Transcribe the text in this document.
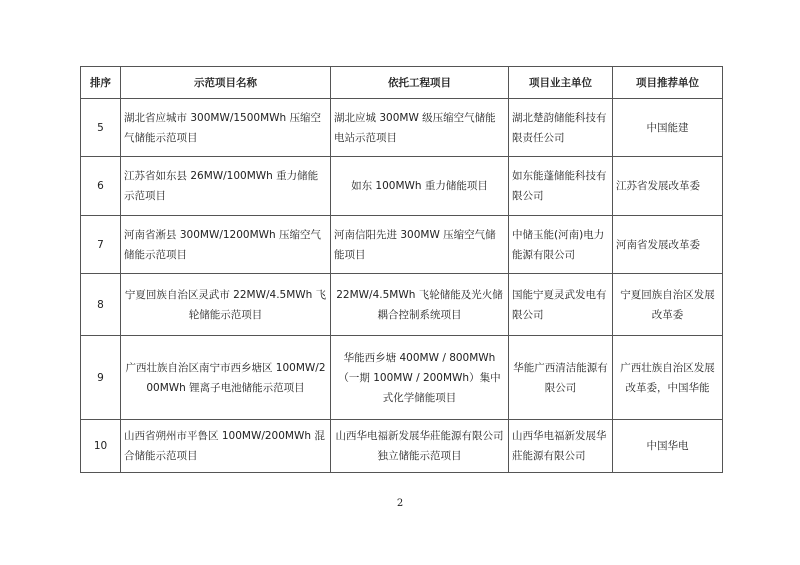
排序	示范项目名称	依托工程项目	项目业主单位	项目推荐单位
5	湖北省应城市 300MW/1500MWh 压缩空气储能示范项目	湖北应城 300MW 级压缩空气储能电站示范项目	湖北楚韵储能科技有限责任公司	中国能建
6	江苏省如东县 26MW/100MWh 重力储能示范项目	如东 100MWh 重力储能项目	如东能蓬储能科技有限公司	江苏省发展改革委
7	河南省淅县 300MW/1200MWh 压缩空气储能示范项目	河南信阳先进 300MW 压缩空气储能项目	中储玉能(河南)电力能源有限公司	河南省发展改革委
8	宁夏回族自治区灵武市 22MW/4.5MWh 飞轮储能示范项目	22MW/4.5MWh 飞轮储能及光火储耦合控制系统项目	国能宁夏灵武发电有限公司	宁夏回族自治区发展改革委
9	广西壮族自治区南宁市西乡塘区 100MW/200MWh 锂离子电池储能示范项目	华能西乡塘 400MW / 800MWh（一期 100MW / 200MWh）集中式化学储能项目	华能广西清洁能源有限公司	广西壮族自治区发展改革委，中国华能
10	山西省朔州市平鲁区 100MW/200MWh 混合储能示范项目	山西华电福新发展华莊能源有限公司独立储能示范项目	山西华电福新发展华莊能源有限公司	中国华电
2
